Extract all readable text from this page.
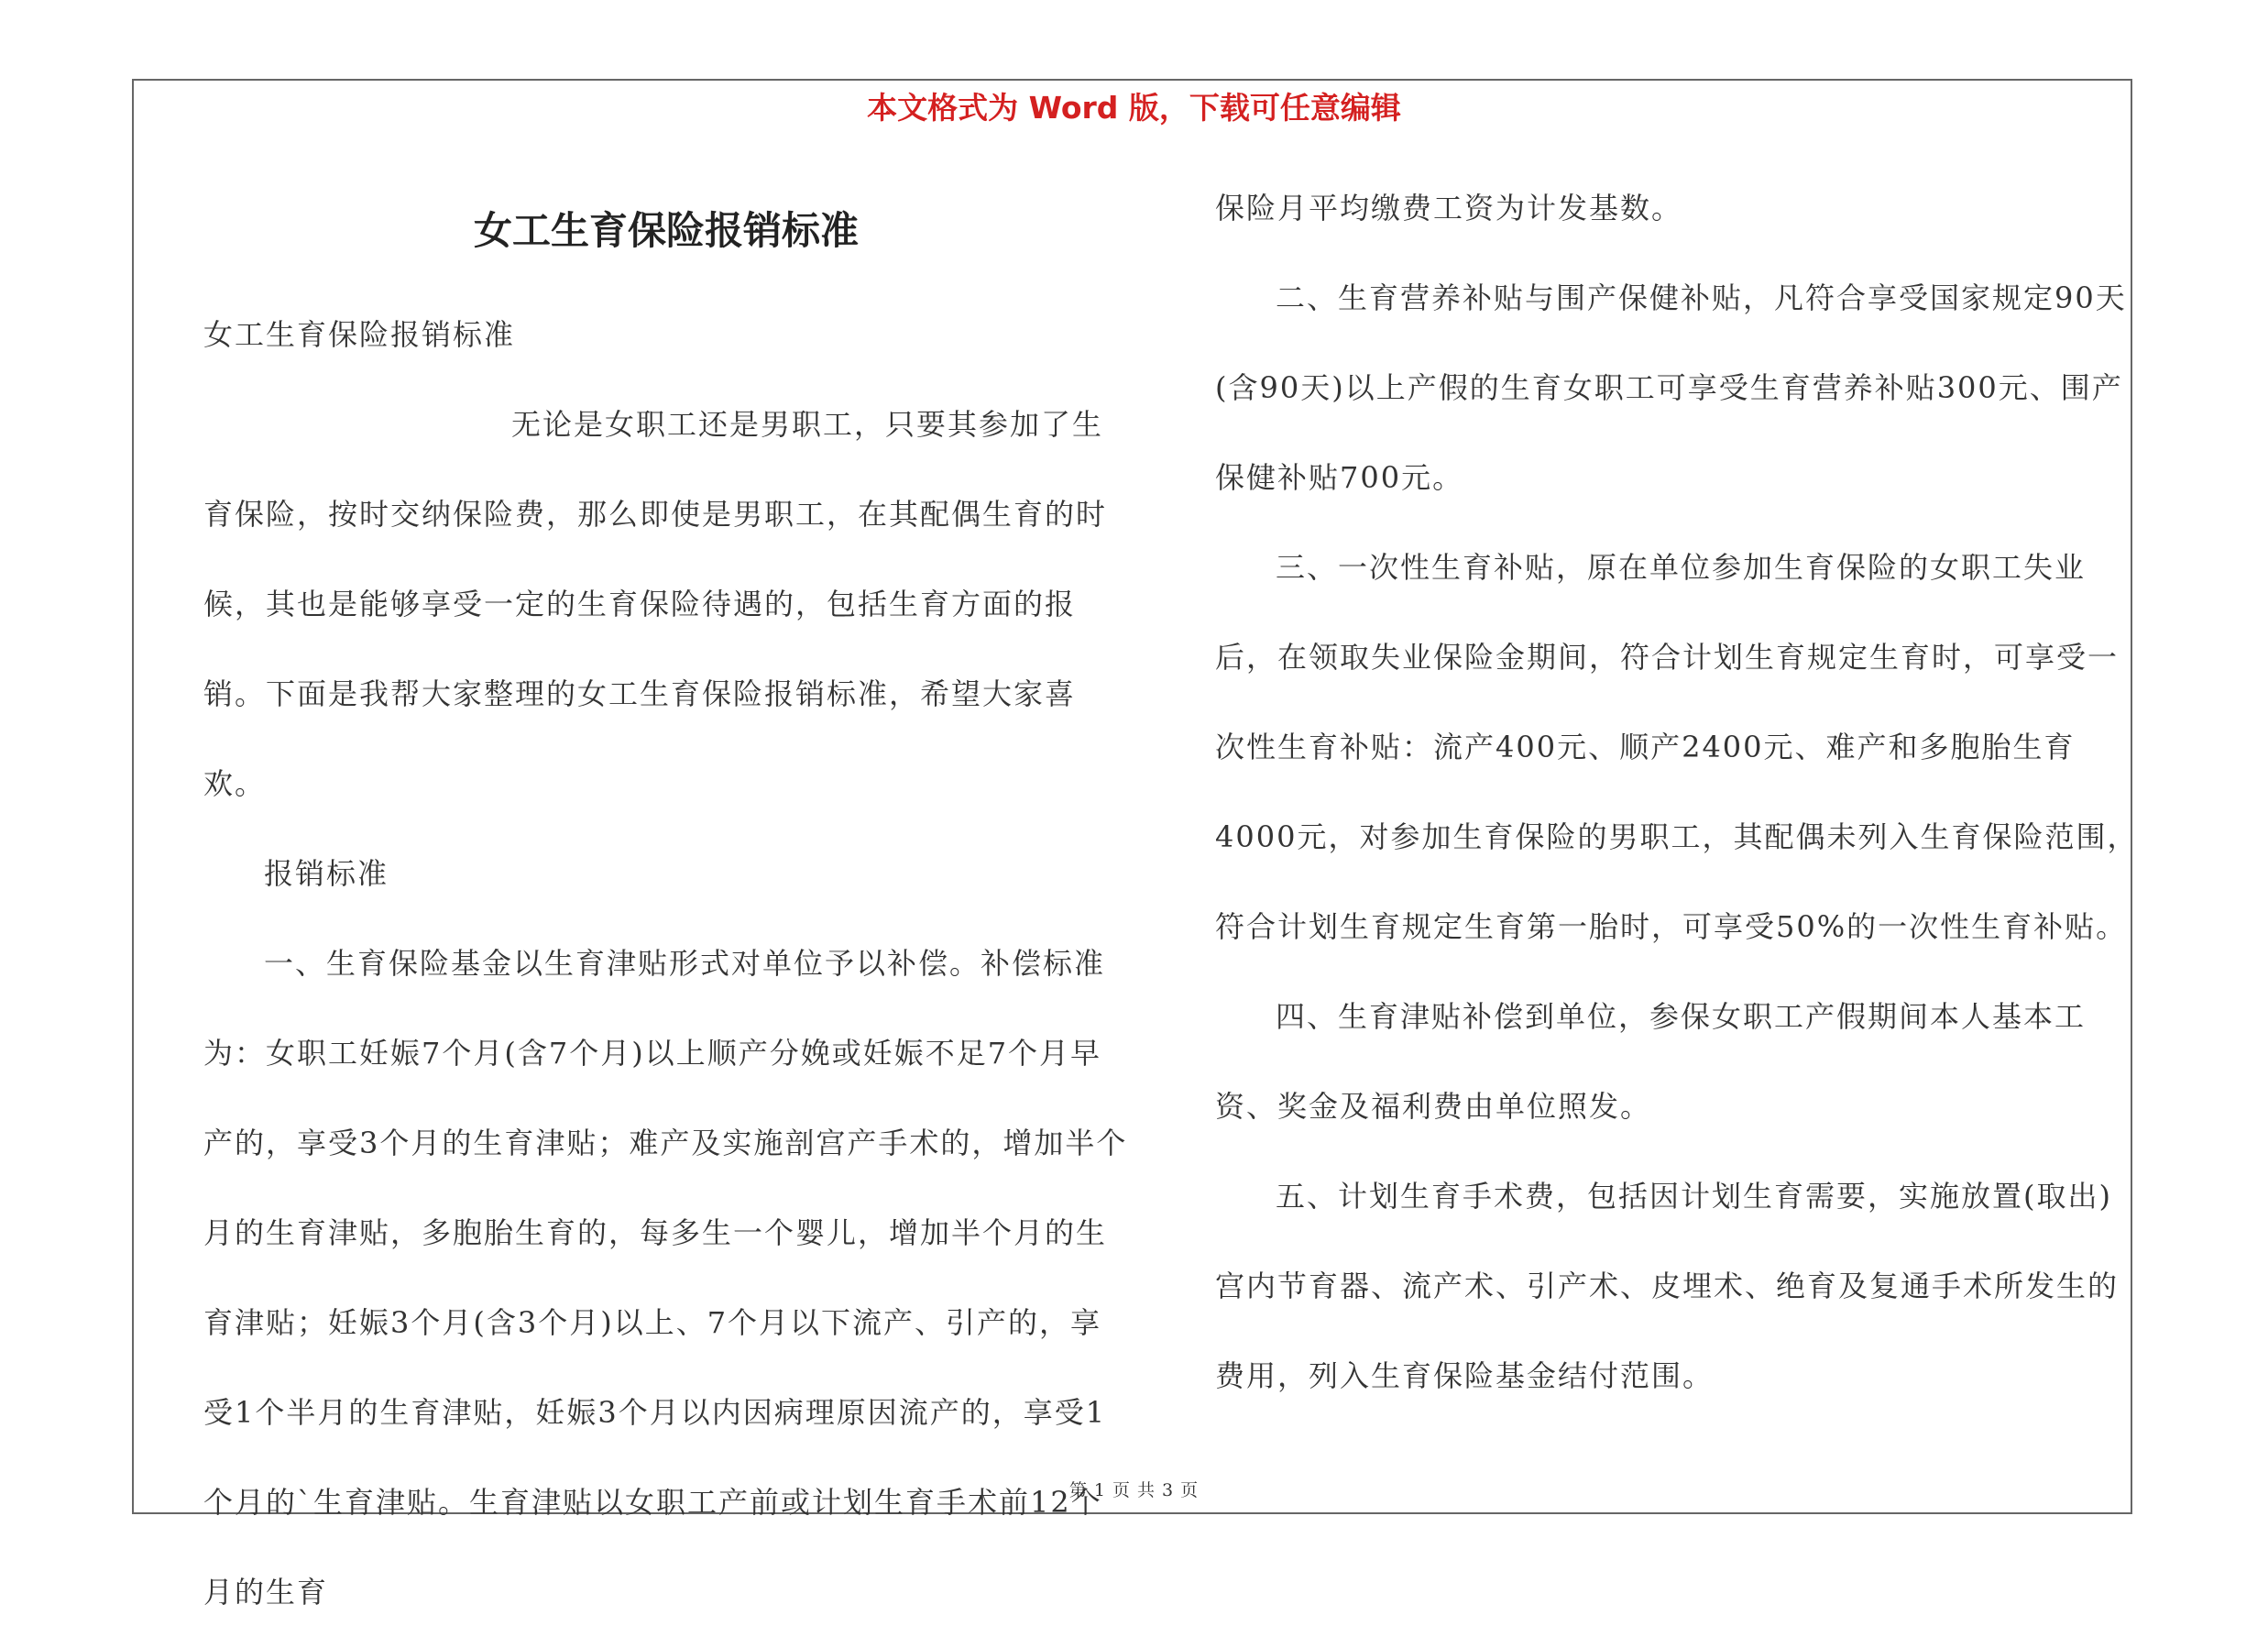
本文格式为 Word 版，下载可任意编辑
女工生育保险报销标准

女工生育保险报销标准

无论是女职工还是男职工，只要其参加了生育保险，按时交纳保险费，那么即使是男职工，在其配偶生育的时候，其也是能够享受一定的生育保险待遇的，包括生育方面的报销。下面是我帮大家整理的女工生育保险报销标准，希望大家喜欢。

报销标准

一、生育保险基金以生育津贴形式对单位予以补偿。补偿标准为：女职工妊娠7个月(含7个月)以上顺产分娩或妊娠不足7个月早产的，享受3个月的生育津贴；难产及实施剖宫产手术的，增加半个月的生育津贴，多胞胎生育的，每多生一个婴儿，增加半个月的生育津贴；妊娠3个月(含3个月)以上、7个月以下流产、引产的，享受1个半月的生育津贴，妊娠3个月以内因病理原因流产的，享受1个月的`生育津贴。生育津贴以女职工产前或计划生育手术前12个月的生育

保险月平均缴费工资为计发基数。

二、生育营养补贴与围产保健补贴，凡符合享受国家规定90天(含90天)以上产假的生育女职工可享受生育营养补贴300元、围产保健补贴700元。

三、一次性生育补贴，原在单位参加生育保险的女职工失业后，在领取失业保险金期间，符合计划生育规定生育时，可享受一次性生育补贴：流产400元、顺产2400元、难产和多胞胎生育4000元，对参加生育保险的男职工，其配偶未列入生育保险范围，符合计划生育规定生育第一胎时，可享受50%的一次性生育补贴。

四、生育津贴补偿到单位，参保女职工产假期间本人基本工资、奖金及福利费由单位照发。

五、计划生育手术费，包括因计划生育需要，实施放置(取出)宫内节育器、流产术、引产术、皮埋术、绝育及复通手术所发生的费用，列入生育保险基金结付范围。

第 1 页 共 3 页
